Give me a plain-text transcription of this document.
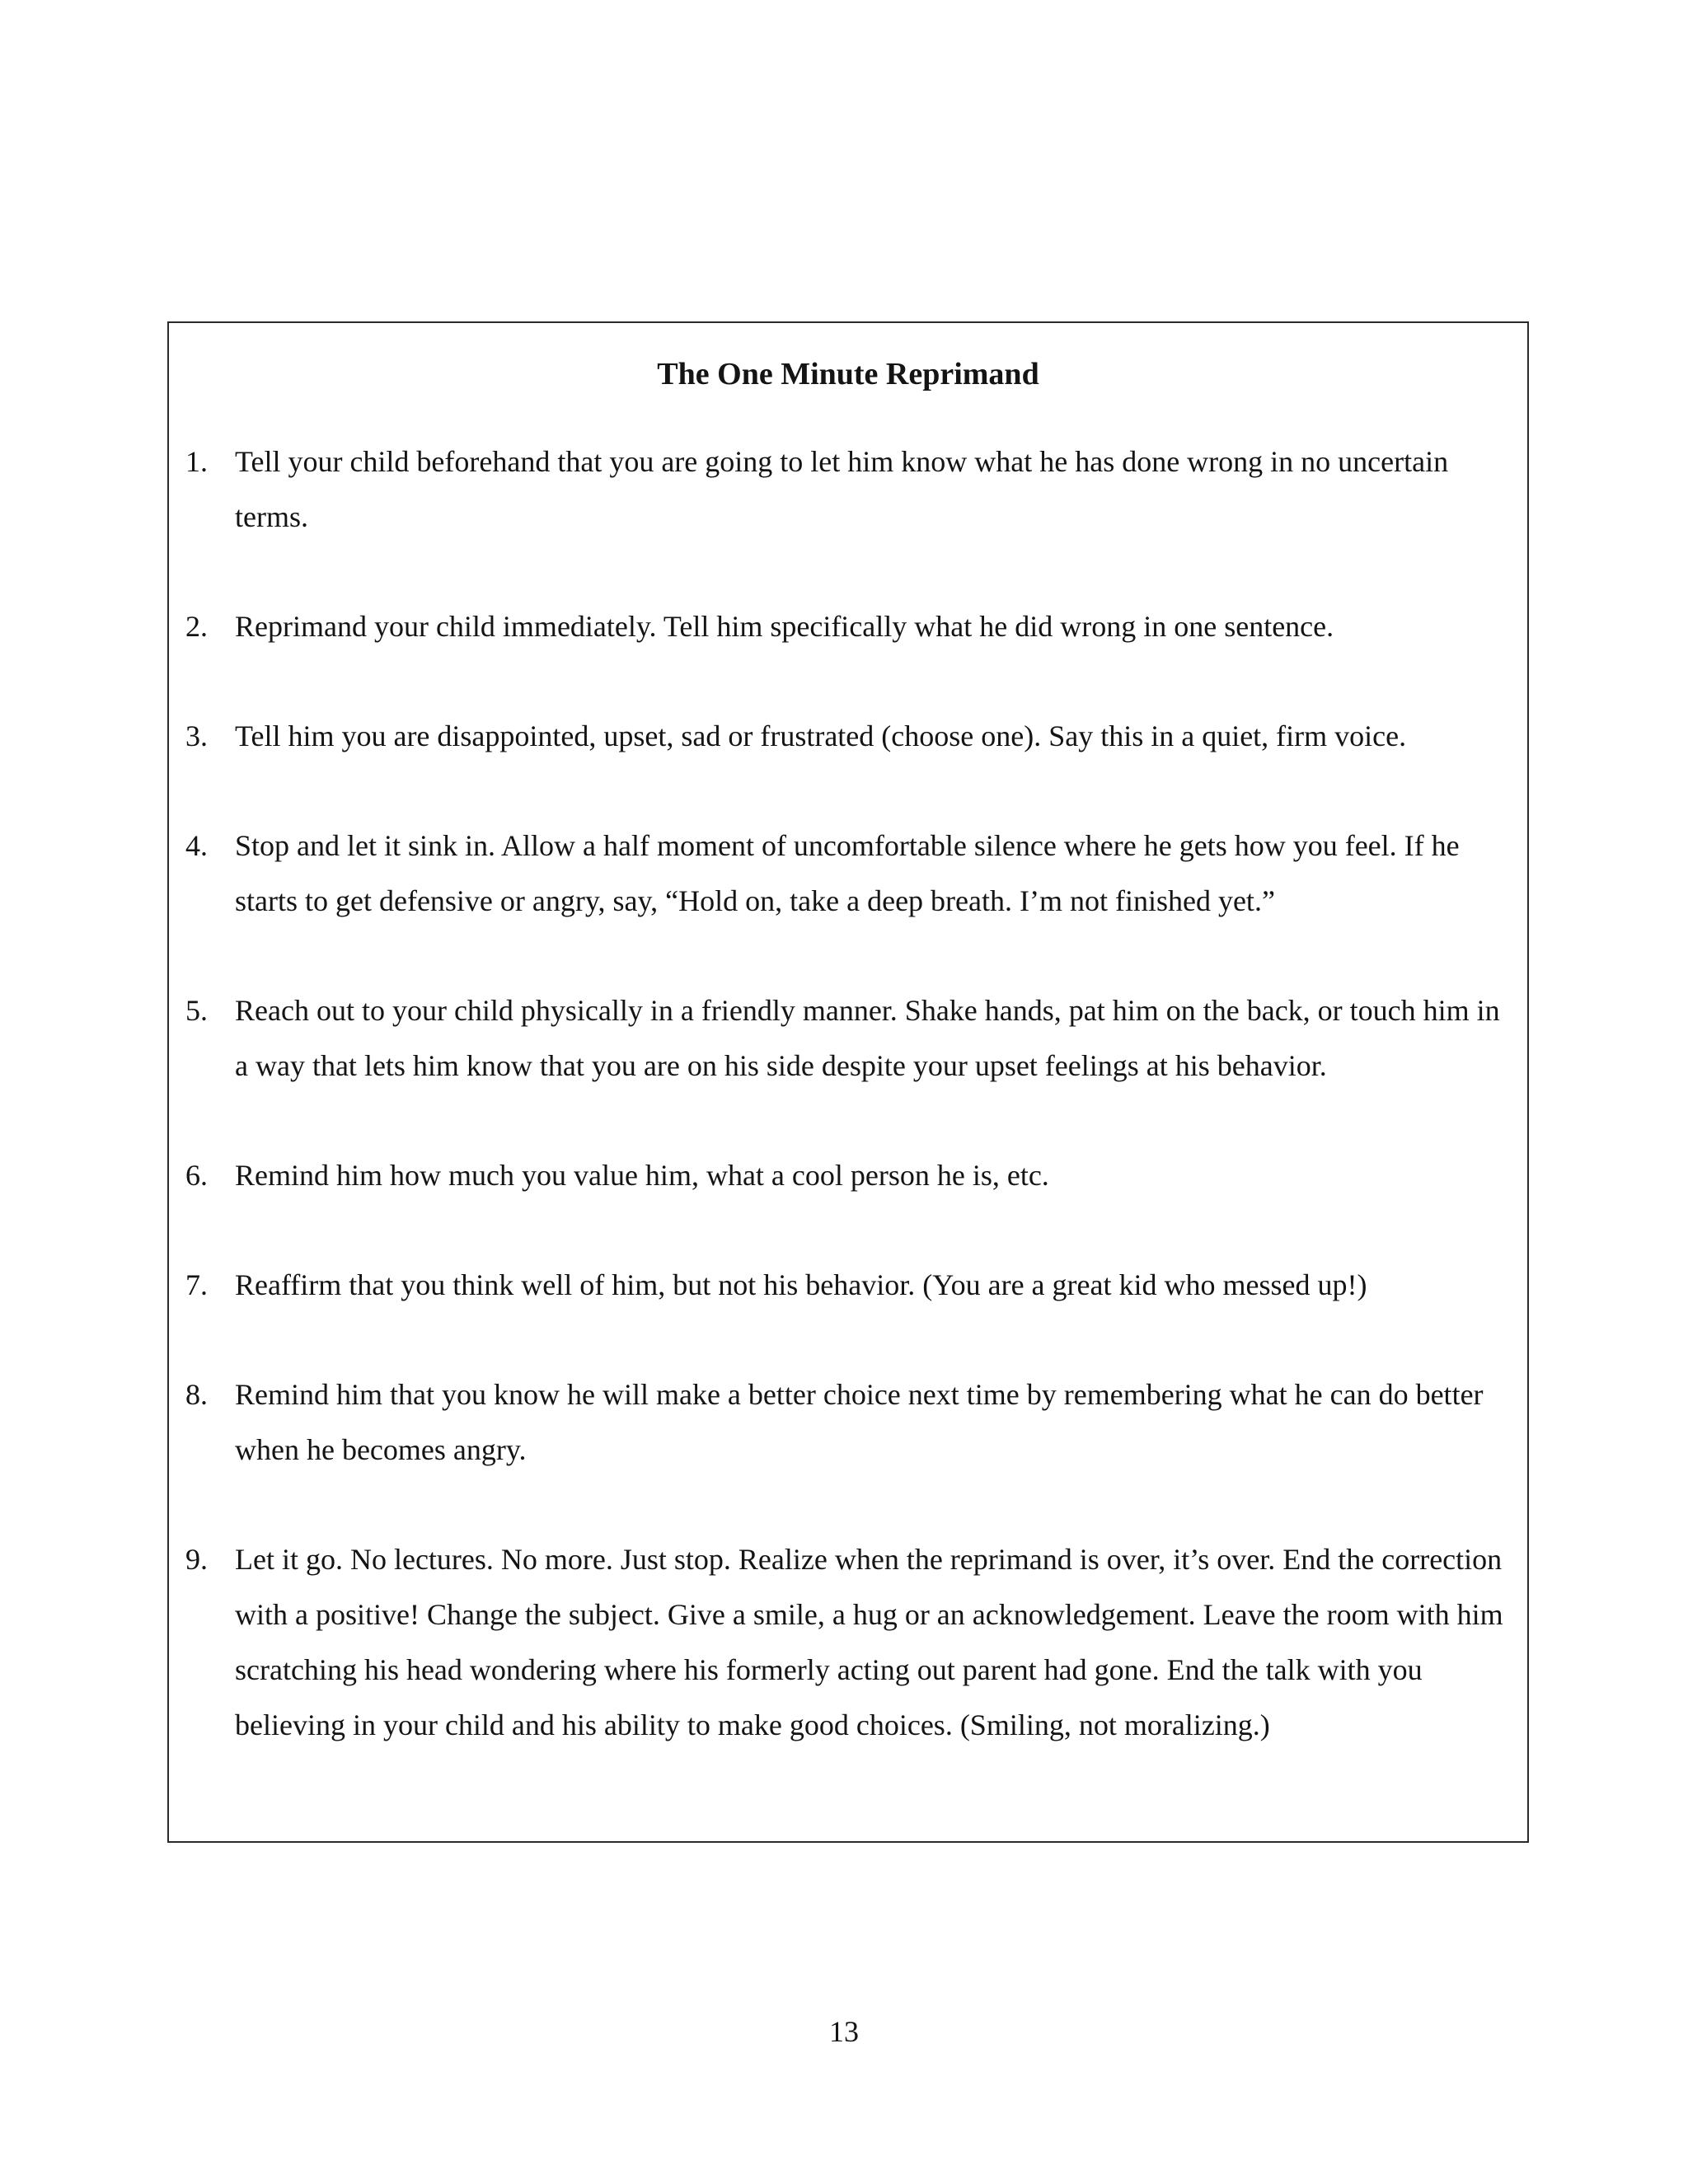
The One Minute Reprimand
1. Tell your child beforehand that you are going to let him know what he has done wrong in no uncertain terms.
2. Reprimand your child immediately. Tell him specifically what he did wrong in one sentence.
3. Tell him you are disappointed, upset, sad or frustrated (choose one). Say this in a quiet, firm voice.
4. Stop and let it sink in. Allow a half moment of uncomfortable silence where he gets how you feel. If he starts to get defensive or angry, say, “Hold on, take a deep breath. I’m not finished yet.”
5. Reach out to your child physically in a friendly manner. Shake hands, pat him on the back, or touch him in a way that lets him know that you are on his side despite your upset feelings at his behavior.
6. Remind him how much you value him, what a cool person he is, etc.
7. Reaffirm that you think well of him, but not his behavior. (You are a great kid who messed up!)
8. Remind him that you know he will make a better choice next time by remembering what he can do better when he becomes angry.
9. Let it go. No lectures. No more. Just stop. Realize when the reprimand is over, it’s over. End the correction with a positive! Change the subject. Give a smile, a hug or an acknowledgement. Leave the room with him scratching his head wondering where his formerly acting out parent had gone. End the talk with you believing in your child and his ability to make good choices. (Smiling, not moralizing.)
13
